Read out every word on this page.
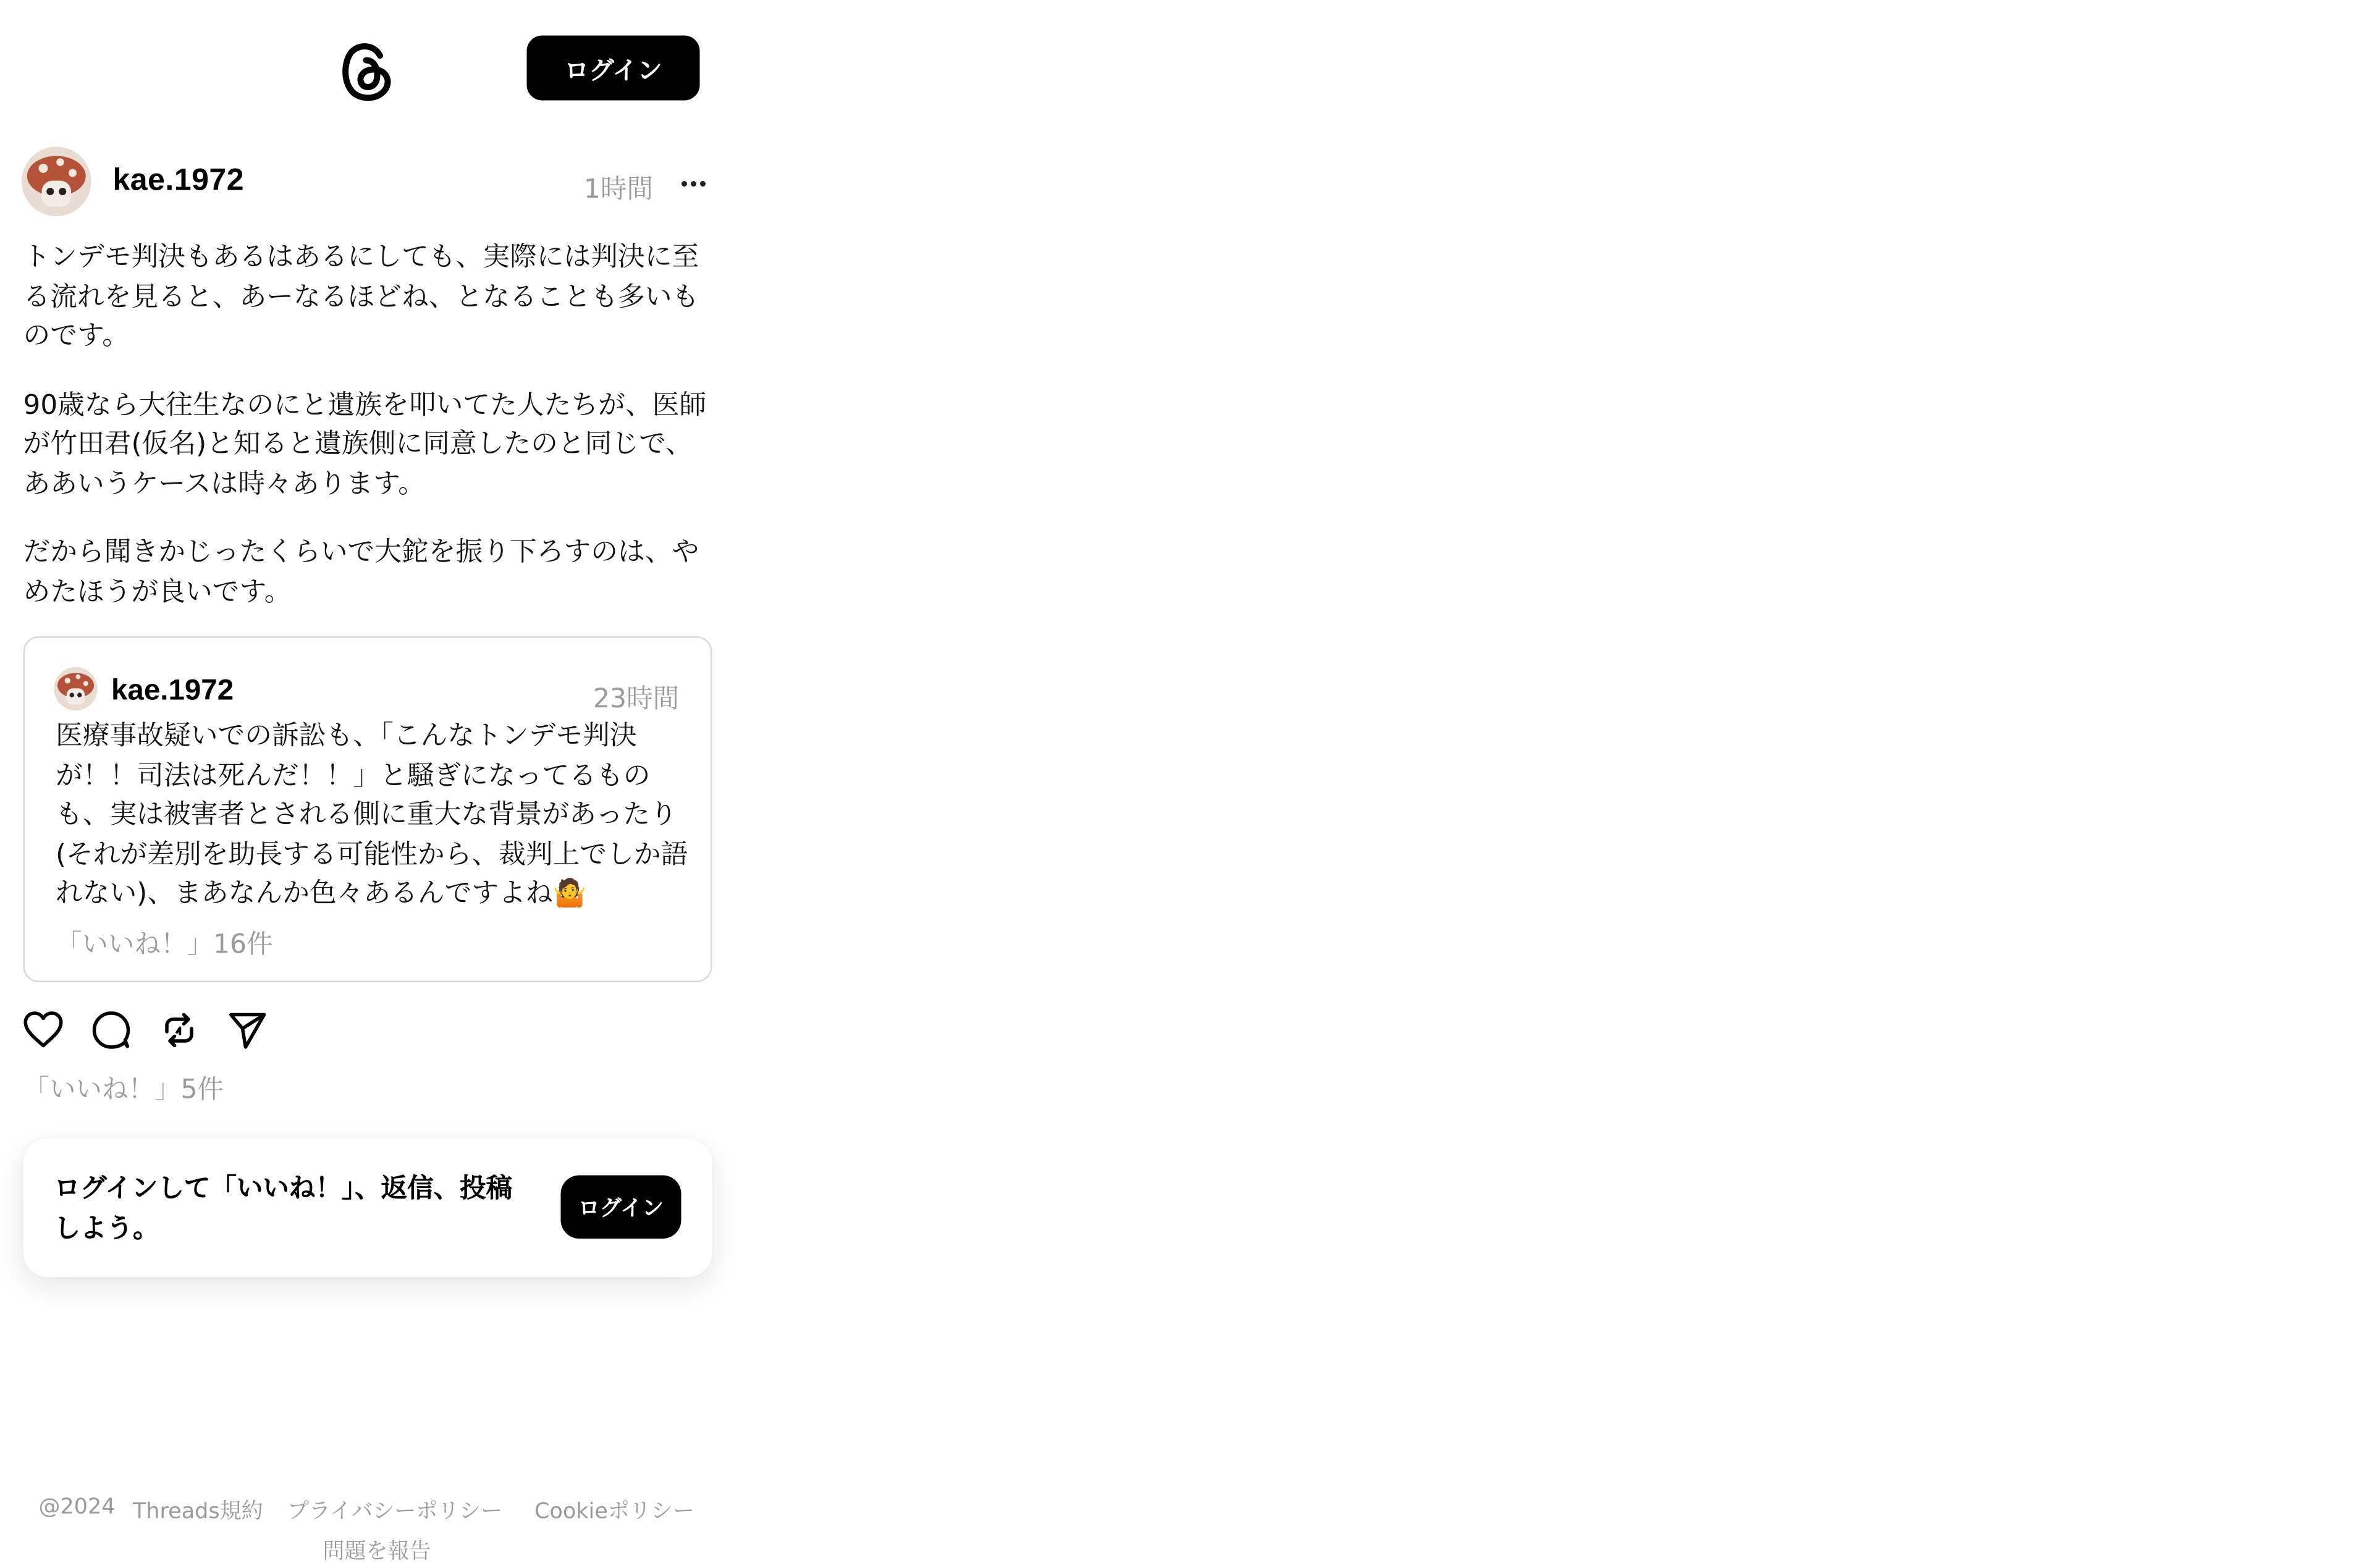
ログイン
kae.1972	1時間

トンデモ判決もあるはあるにしても、実際には判決に至る流れを見ると、あーなるほどね、となることも多いものです。

90歳なら大往生なのにと遺族を叩いてた人たちが、医師が竹田君(仮名)と知ると遺族側に同意したのと同じで、ああいうケースは時々あります。

だから聞きかじったくらいで大鉈を振り下ろすのは、やめたほうが良いです。

kae.1972	23時間
医療事故疑いでの訴訟も、「こんなトンデモ判決が！！司法は死んだ！！」と騒ぎになってるものも、実は被害者とされる側に重大な背景があったり(それが差別を助長する可能性から、裁判上でしか語れない)、まあなんか色々あるんですよね🤷
「いいね！」16件
「いいね！」5件
ログインして「いいね！」、返信、投稿しよう。
ログイン
@2024 Threads規約	プライバシーポリシー	Cookieポリシー
問題を報告
